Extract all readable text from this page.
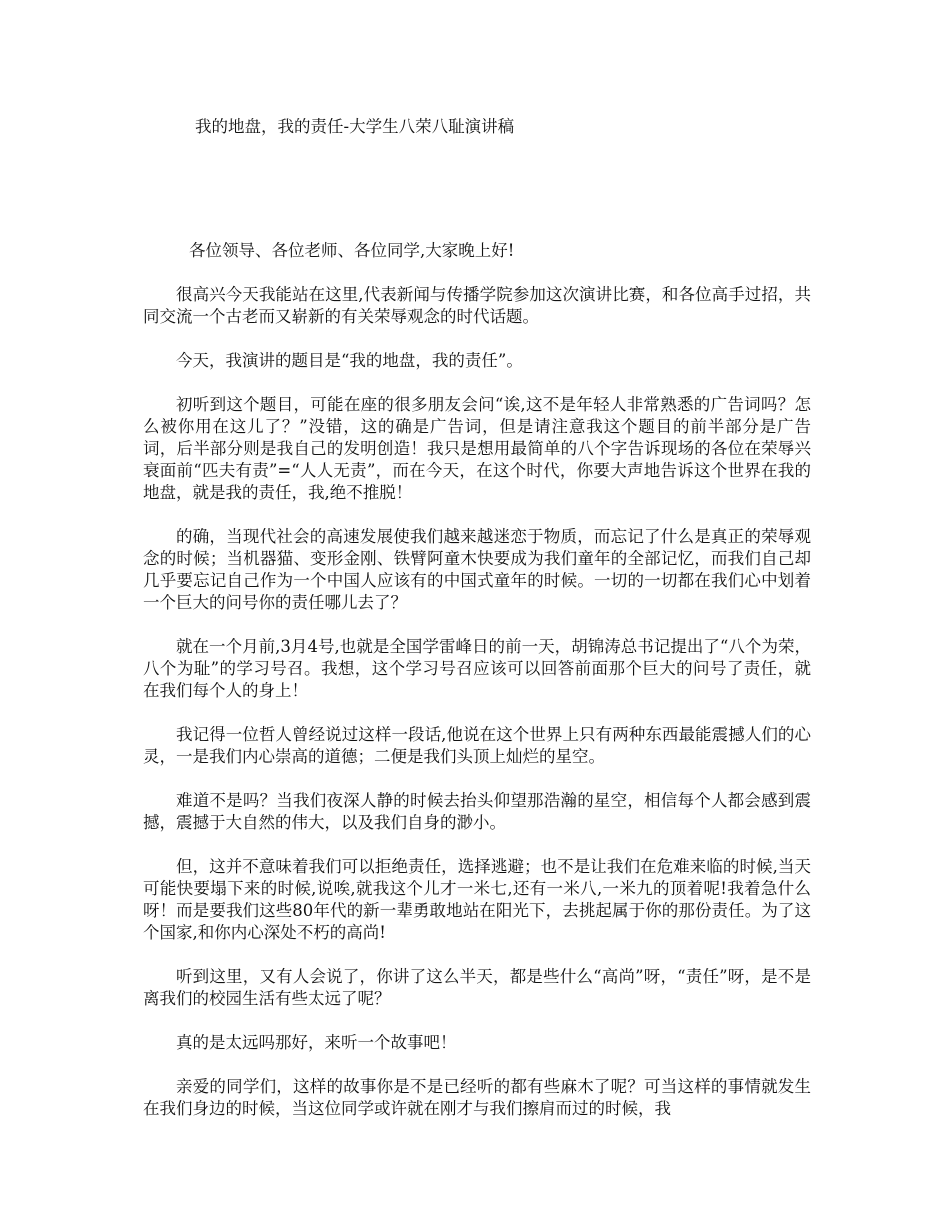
我的地盘，我的责任-大学生八荣八耻演讲稿

各位领导、各位老师、各位同学,大家晚上好!

很高兴今天我能站在这里,代表新闻与传播学院参加这次演讲比赛，和各位高手过招，共同交流一个古老而又崭新的有关荣辱观念的时代话题。

今天，我演讲的题目是“我的地盘，我的责任”。

初听到这个题目，可能在座的很多朋友会问“诶,这不是年轻人非常熟悉的广告词吗？怎么被你用在这儿了？”没错，这的确是广告词，但是请注意我这个题目的前半部分是广告词，后半部分则是我自己的发明创造！我只是想用最简单的八个字告诉现场的各位在荣辱兴衰面前“匹夫有责”=“人人无责”，而在今天，在这个时代，你要大声地告诉这个世界在我的地盘，就是我的责任，我,绝不推脱！

的确，当现代社会的高速发展使我们越来越迷恋于物质，而忘记了什么是真正的荣辱观念的时候；当机器猫、变形金刚、铁臂阿童木快要成为我们童年的全部记忆，而我们自己却几乎要忘记自己作为一个中国人应该有的中国式童年的时候。一切的一切都在我们心中划着一个巨大的问号你的责任哪儿去了？

就在一个月前,3月4号,也就是全国学雷峰日的前一天，胡锦涛总书记提出了“八个为荣，八个为耻”的学习号召。我想，这个学习号召应该可以回答前面那个巨大的问号了责任，就在我们每个人的身上！

我记得一位哲人曾经说过这样一段话,他说在这个世界上只有两种东西最能震撼人们的心灵，一是我们内心崇高的道德；二便是我们头顶上灿烂的星空。

难道不是吗？当我们夜深人静的时候去抬头仰望那浩瀚的星空，相信每个人都会感到震撼，震撼于大自然的伟大，以及我们自身的渺小。

但，这并不意味着我们可以拒绝责任，选择逃避；也不是让我们在危难来临的时候,当天可能快要塌下来的时候,说唉,就我这个儿才一米七,还有一米八,一米九的顶着呢!我着急什么呀！而是要我们这些80年代的新一辈勇敢地站在阳光下，去挑起属于你的那份责任。为了这个国家,和你内心深处不朽的高尚!

听到这里，又有人会说了，你讲了这么半天，都是些什么“高尚”呀，“责任”呀，是不是离我们的校园生活有些太远了呢？

真的是太远吗那好，来听一个故事吧！

亲爱的同学们，这样的故事你是不是已经听的都有些麻木了呢？可当这样的事情就发生在我们身边的时候，当这位同学或许就在刚才与我们擦肩而过的时候，我
